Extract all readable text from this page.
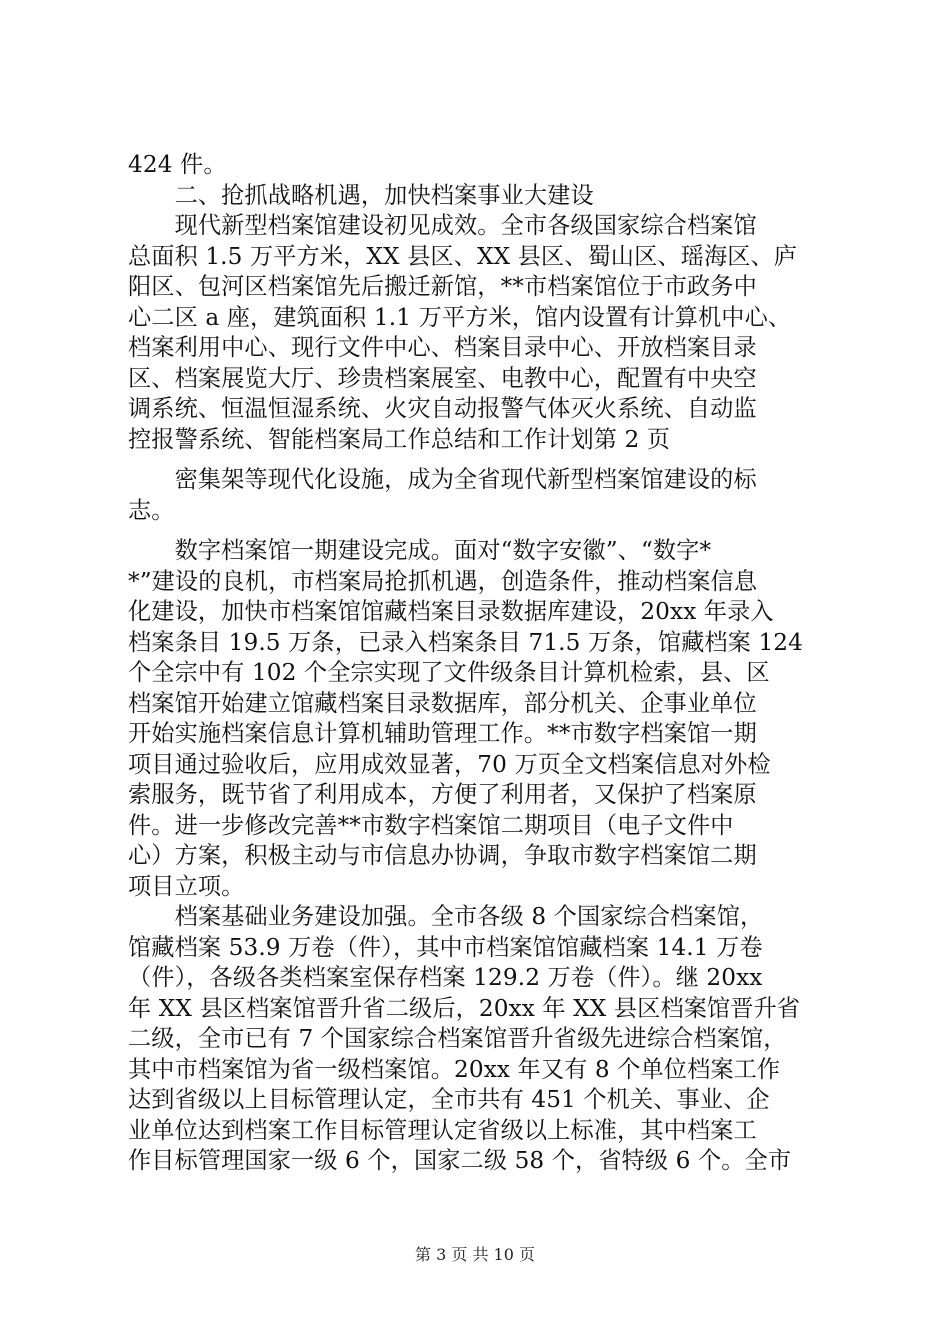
424 件。
　　二、抢抓战略机遇，加快档案事业大建设
　　现代新型档案馆建设初见成效。全市各级国家综合档案馆
总面积 1.5 万平方米，XX 县区、XX 县区、蜀山区、瑶海区、庐
阳区、包河区档案馆先后搬迁新馆，**市档案馆位于市政务中
心二区 a 座，建筑面积 1.1 万平方米，馆内设置有计算机中心、
档案利用中心、现行文件中心、档案目录中心、开放档案目录
区、档案展览大厅、珍贵档案展室、电教中心，配置有中央空
调系统、恒温恒湿系统、火灾自动报警气体灭火系统、自动监
控报警系统、智能档案局工作总结和工作计划第 2 页
　　密集架等现代化设施，成为全省现代新型档案馆建设的标
志。
　　数字档案馆一期建设完成。面对“数字安徽”、“数字*
*”建设的良机，市档案局抢抓机遇，创造条件，推动档案信息
化建设，加快市档案馆馆藏档案目录数据库建设，20xx 年录入
档案条目 19.5 万条，已录入档案条目 71.5 万条，馆藏档案 124
个全宗中有 102 个全宗实现了文件级条目计算机检索，县、区
档案馆开始建立馆藏档案目录数据库，部分机关、企事业单位
开始实施档案信息计算机辅助管理工作。**市数字档案馆一期
项目通过验收后，应用成效显著，70 万页全文档案信息对外检
索服务，既节省了利用成本，方便了利用者，又保护了档案原
件。进一步修改完善**市数字档案馆二期项目（电子文件中
心）方案，积极主动与市信息办协调，争取市数字档案馆二期
项目立项。
　　档案基础业务建设加强。全市各级 8 个国家综合档案馆，
馆藏档案 53.9 万卷（件），其中市档案馆馆藏档案 14.1 万卷
（件），各级各类档案室保存档案 129.2 万卷（件）。继 20xx
年 XX 县区档案馆晋升省二级后，20xx 年 XX 县区档案馆晋升省
二级，全市已有 7 个国家综合档案馆晋升省级先进综合档案馆，
其中市档案馆为省一级档案馆。20xx 年又有 8 个单位档案工作
达到省级以上目标管理认定，全市共有 451 个机关、事业、企
业单位达到档案工作目标管理认定省级以上标准，其中档案工
作目标管理国家一级 6 个，国家二级 58 个，省特级 6 个。全市
第 3 页 共 10 页
